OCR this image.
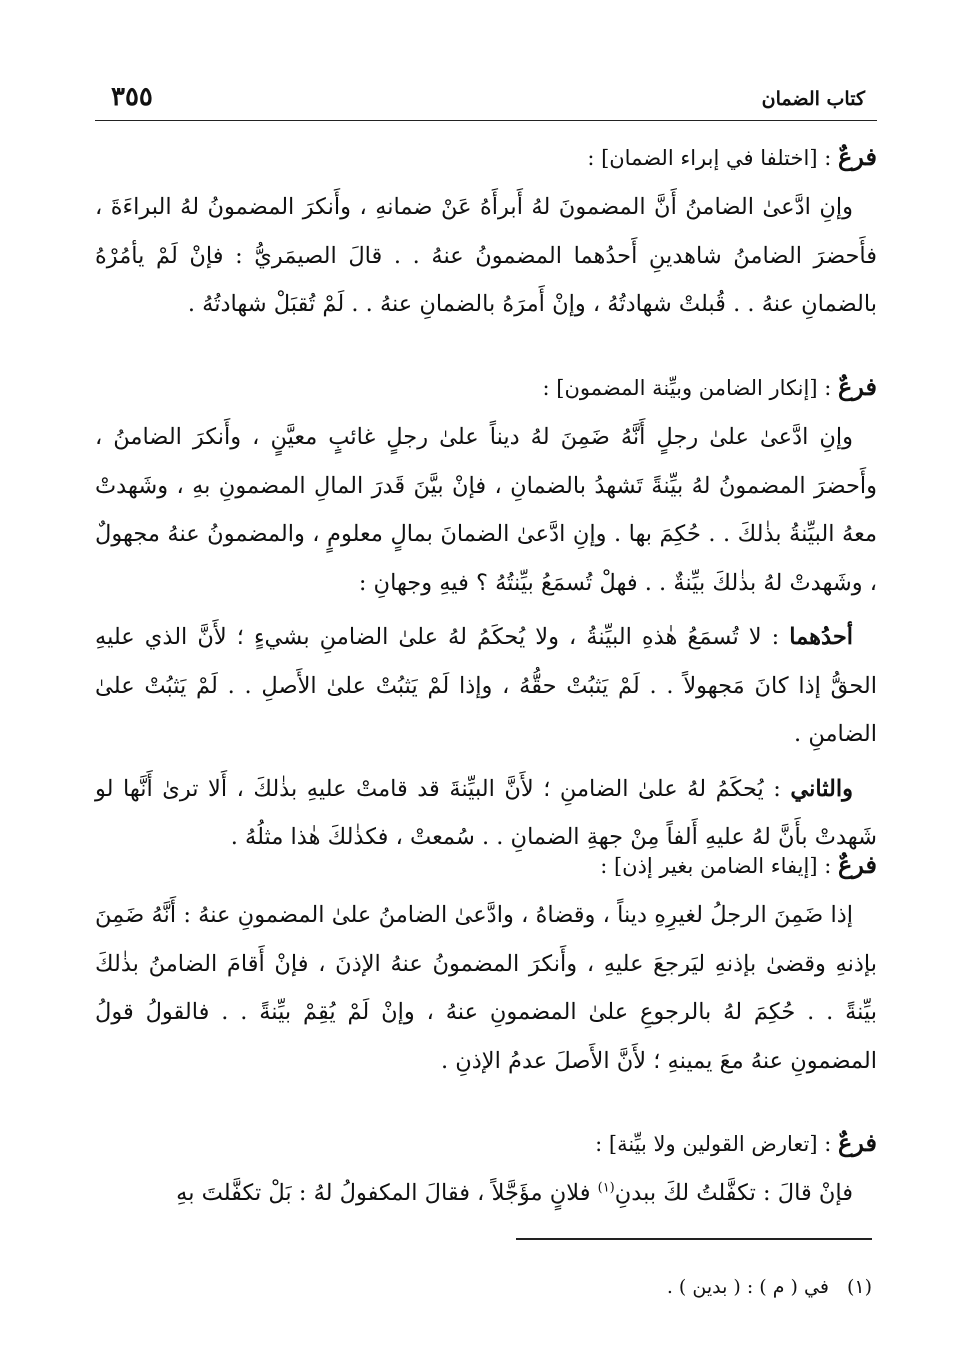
كتاب الضمان
٣٥٥
فرعٌ : [اختلفا في إبراء الضمان] :

وإنِ ادَّعىٰ الضامنُ أَنَّ المضمونَ لهُ أَبرأَهُ عَنْ ضمانهِ ، وأَنكرَ المضمونُ لهُ البراءَةَ ، فأَحضرَ الضامنُ شاهدينِ أَحدُهما المضمونُ عنهُ . . قالَ الصيمَريُّ : فإنْ لَمْ يأمُرْهُ بالضمانِ عنهُ . . قُبلتْ شهادتُهُ ، وإنْ أَمرَهُ بالضمانِ عنهُ . . لَمْ تُقبَلْ شهادتُهُ .

فرعٌ : [إنكار الضامن وبيِّنة المضمون] :

وإنِ ادَّعىٰ علىٰ رجلٍ أَنَّهُ ضَمِنَ لهُ ديناً علىٰ رجلٍ غائبٍ معيَّنٍ ، وأَنكرَ الضامنُ ، وأَحضرَ المضمونُ لهُ بيِّنةً تَشهدُ بالضمانِ ، فإنْ بيَّنَ قَدرَ المالِ المضمونِ بهِ ، وشَهدتْ معهُ البيِّنةُ بذٰلكَ . . حُكِمَ بها . وإنِ ادَّعىٰ الضمانَ بمالٍ معلومٍ ، والمضمونُ عنهُ مجهولٌ ، وشَهدتْ لهُ بذٰلكَ بيِّنةٌ . . فهلْ تُسمَعُ بيِّنتُهُ ؟ فيهِ وجهانِ :

أحدُهما : لا تُسمَعُ هٰذهِ البيِّنةُ ، ولا يُحكَمُ لهُ علىٰ الضامنِ بشيءٍ ؛ لأَنَّ الذي عليهِ الحقُّ إذا كانَ مَجهولاً . . لَمْ يَثبُتْ حقُّهُ ، وإذا لَمْ يَثبُتْ علىٰ الأَصلِ . . لَمْ يَثبُتْ علىٰ الضامنِ .

والثاني : يُحكَمُ لهُ علىٰ الضامنِ ؛ لأَنَّ البيِّنةَ قد قامتْ عليهِ بذٰلكَ ، أَلا ترىٰ أَنَّها لو شَهدتْ بأَنَّ لهُ عليهِ أَلفاً مِنْ جهةِ الضمانِ . . سُمعتْ ، فكذٰلكَ هٰذا مثلُهُ .

فرعٌ : [إيفاء الضامن بغير إذن] :

إذا ضَمِنَ الرجلُ لغيرِهِ ديناً ، وقضاهُ ، وادَّعىٰ الضامنُ علىٰ المضمونِ عنهُ : أَنَّهُ ضَمِنَ بإذنهِ وقضىٰ بإذنهِ ليَرجعَ عليهِ ، وأَنكرَ المضمونُ عنهُ الإذنَ ، فإنْ أَقامَ الضامنُ بذٰلكَ بيِّنةً . . حُكِمَ لهُ بالرجوعِ علىٰ المضمونِ عنهُ ، وإنْ لَمْ يُقِمْ بيِّنةً . . فالقولُ قولُ المضمونِ عنهُ معَ يمينهِ ؛ لأَنَّ الأَصلَ عدمُ الإذنِ .

فرعٌ : [تعارض القولين ولا بيِّنة] :

فإنْ قالَ : تكفَّلتُ لكَ ببدنِ$^{(١)}$ فلانٍ مؤَجَّلاً ، فقالَ المكفولُ لهُ : بَلْ تكفَّلتَ بهِ

(١)في ( م ) : ( بدين ) .
